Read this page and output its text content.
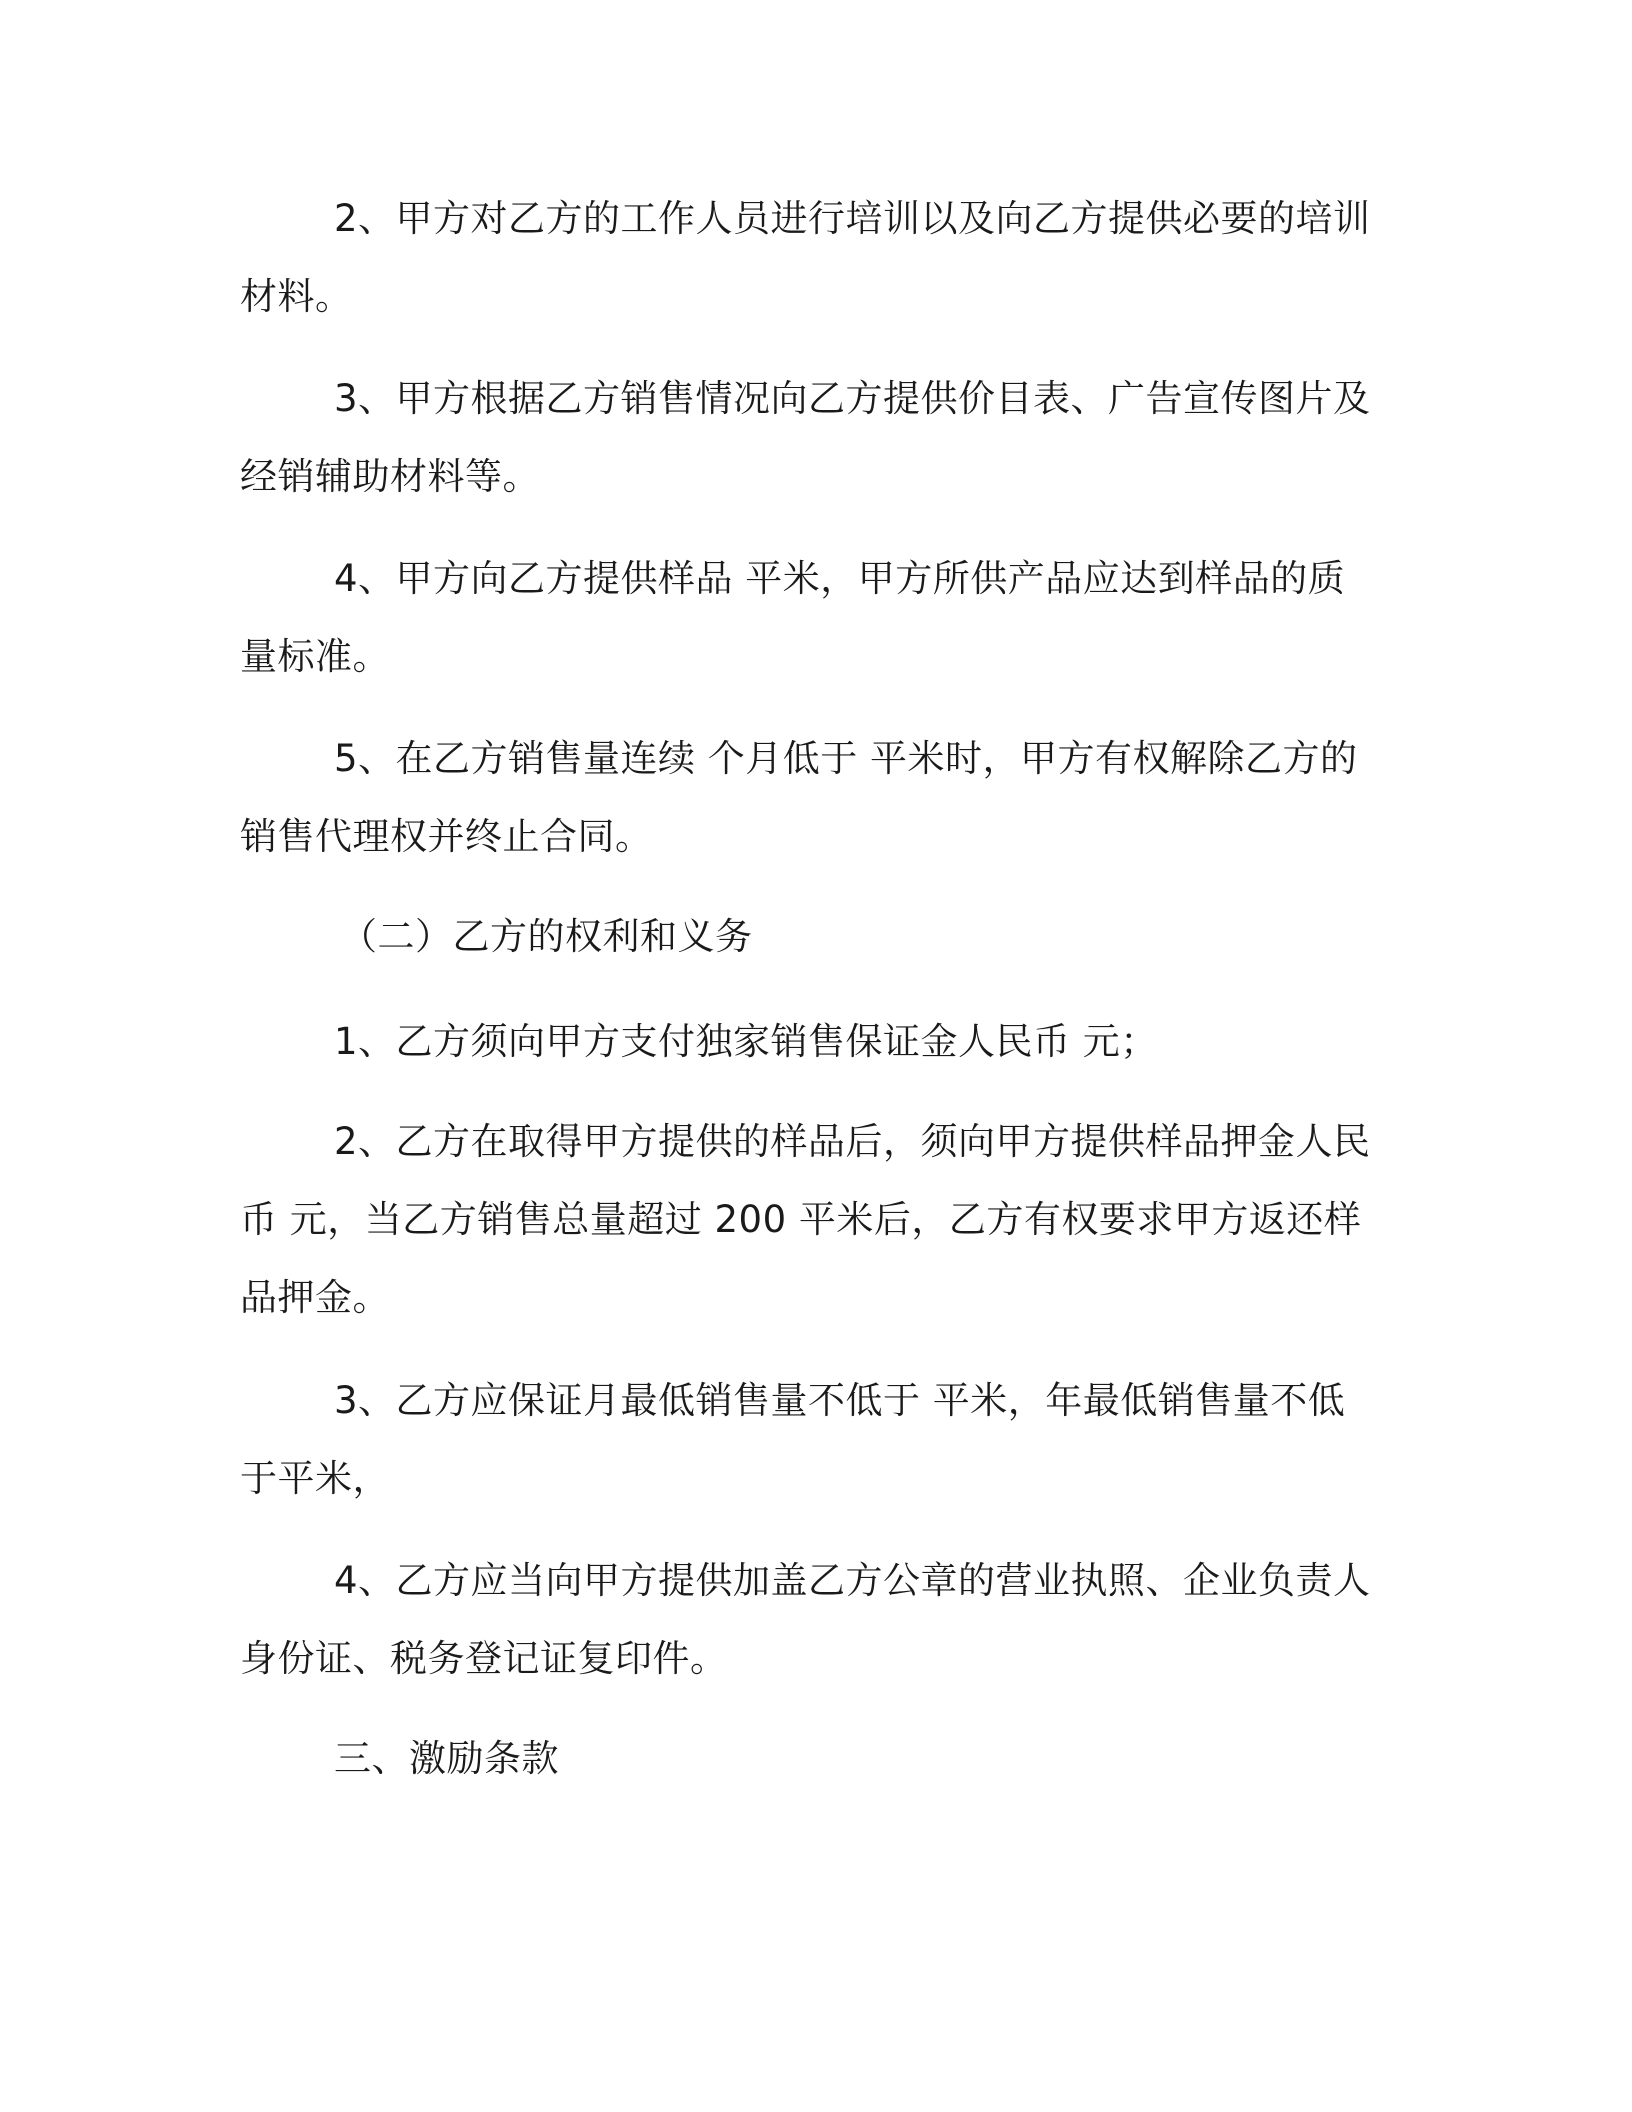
2、甲方对乙方的工作人员进行培训以及向乙方提供必要的培训材料。

3、甲方根据乙方销售情况向乙方提供价目表、广告宣传图片及经销辅助材料等。

4、甲方向乙方提供样品 平米，甲方所供产品应达到样品的质量标准。

5、在乙方销售量连续 个月低于 平米时，甲方有权解除乙方的销售代理权并终止合同。

（二）乙方的权利和义务

1、乙方须向甲方支付独家销售保证金人民币 元；

2、乙方在取得甲方提供的样品后，须向甲方提供样品押金人民币 元，当乙方销售总量超过 200 平米后，乙方有权要求甲方返还样品押金。

3、乙方应保证月最低销售量不低于 平米，年最低销售量不低于平米，

4、乙方应当向甲方提供加盖乙方公章的营业执照、企业负责人身份证、税务登记证复印件。

三、激励条款
